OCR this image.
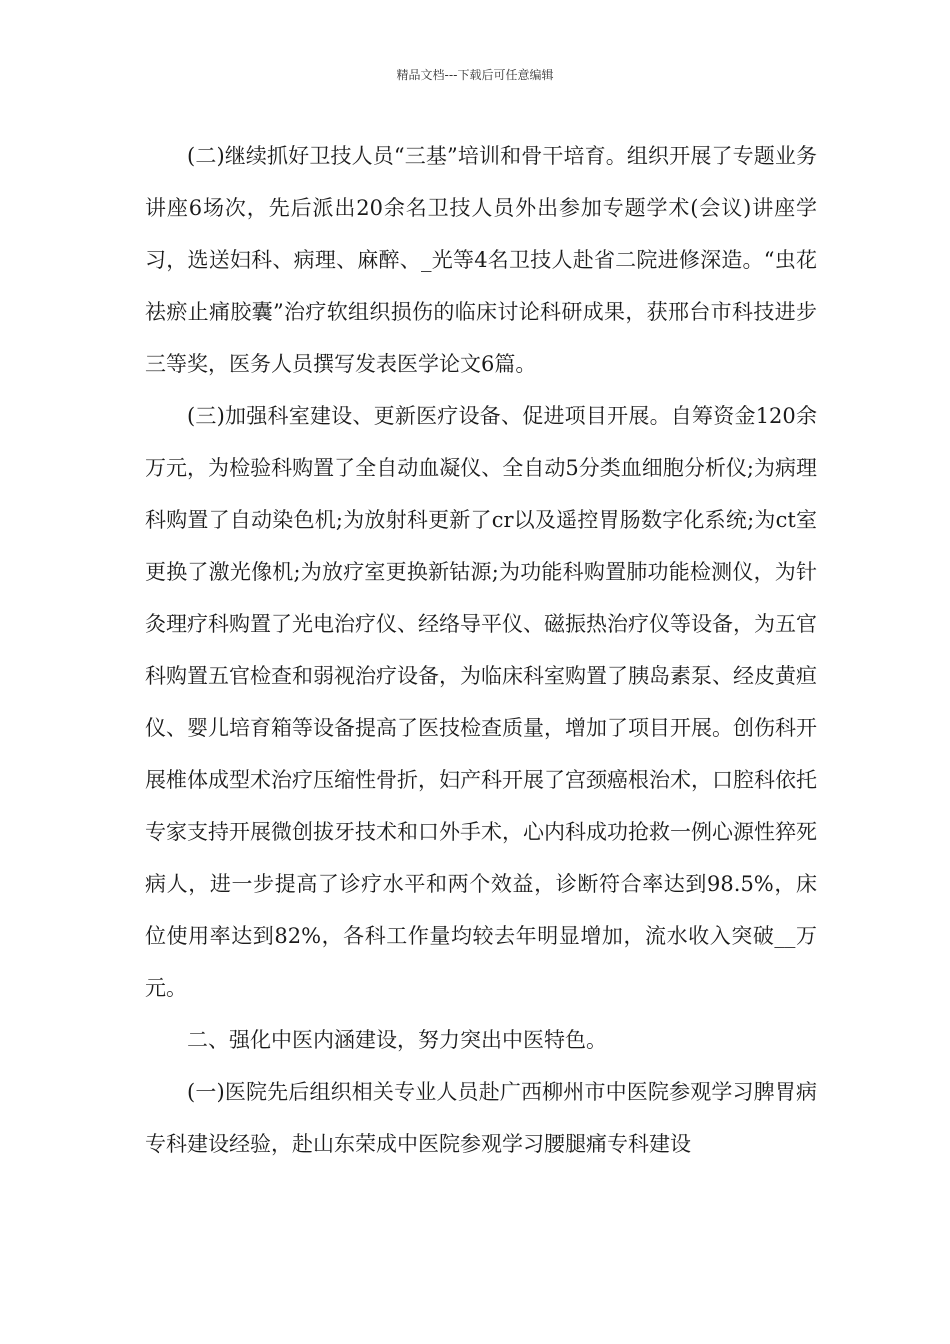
精品文档---下载后可任意编辑

(二)继续抓好卫技人员“三基”培训和骨干培育。组织开展了专题业务讲座6场次，先后派出20余名卫技人员外出参加专题学术(会议)讲座学习，选送妇科、病理、麻醉、_光等4名卫技人赴省二院进修深造。“虫花祛瘀止痛胶囊”治疗软组织损伤的临床讨论科研成果，获邢台市科技进步三等奖，医务人员撰写发表医学论文6篇。

(三)加强科室建设、更新医疗设备、促进项目开展。自筹资金120余万元，为检验科购置了全自动血凝仪、全自动5分类血细胞分析仪;为病理科购置了自动染色机;为放射科更新了cr以及遥控胃肠数字化系统;为ct室更换了激光像机;为放疗室更换新钴源;为功能科购置肺功能检测仪，为针灸理疗科购置了光电治疗仪、经络导平仪、磁振热治疗仪等设备，为五官科购置五官检查和弱视治疗设备，为临床科室购置了胰岛素泵、经皮黄疸仪、婴儿培育箱等设备提高了医技检查质量，增加了项目开展。创伤科开展椎体成型术治疗压缩性骨折，妇产科开展了宫颈癌根治术，口腔科依托专家支持开展微创拔牙技术和口外手术，心内科成功抢救一例心源性猝死病人，进一步提高了诊疗水平和两个效益，诊断符合率达到98.5%，床位使用率达到82%，各科工作量均较去年明显增加，流水收入突破__万元。

二、强化中医内涵建设，努力突出中医特色。

(一)医院先后组织相关专业人员赴广西柳州市中医院参观学习脾胃病专科建设经验，赴山东荣成中医院参观学习腰腿痛专科建设
